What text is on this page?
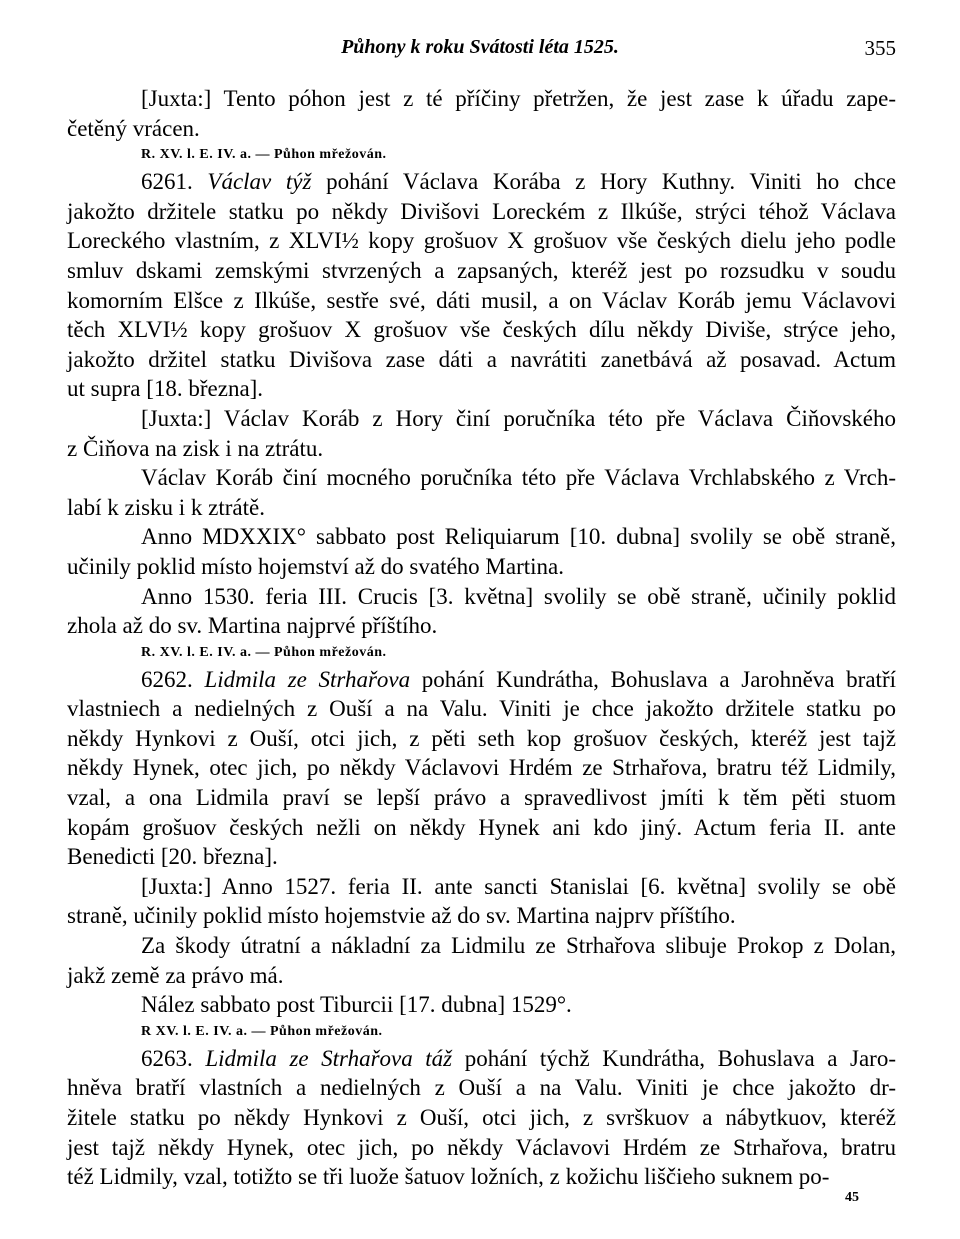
Půhony k roku Svátosti léta 1525.	355
[Juxta:] Tento póhon jest z té příčiny přetržen, že jest zase k úřadu zape-
četěný vrácen.
R. XV. l. E. IV. a. — Půhon mřežován.
6261. Václav týž pohání Václava Korába z Hory Kuthny. Viniti ho chce
jakožto držitele statku po někdy Divišovi Loreckém z Ilkúše, strýci téhož Václava
Loreckého vlastním, z XLVI½ kopy grošuov X grošuov vše českých dielu jeho podle
smluv dskami zemskými stvrzených a zapsaných, kteréž jest po rozsudku v soudu
komorním Elšce z Ilkúše, sestře své, dáti musil, a on Václav Koráb jemu Václavovi
těch XLVI½ kopy grošuov X grošuov vše českých dílu někdy Diviše, strýce jeho,
jakožto držitel statku Divišova zase dáti a navrátiti zanetbává až posavad. Actum
ut supra [18. března].
[Juxta:] Václav Koráb z Hory činí poručníka této pře Václava Čiňovského
z Čiňova na zisk i na ztrátu.
Václav Koráb činí mocného poručníka této pře Václava Vrchlabského z Vrch-
labí k zisku i k ztrátě.
Anno MDXXIX° sabbato post Reliquiarum [10. dubna] svolily se obě straně,
učinily poklid místo hojemství až do svatého Martina.
Anno 1530. feria III. Crucis [3. května] svolily se obě straně, učinily poklid
zhola až do sv. Martina najprvé příštího.
R. XV. l. E. IV. a. — Půhon mřežován.
6262. Lidmila ze Strhařova pohání Kundrátha, Bohuslava a Jarohněva bratří
vlastniech a nedielných z Ouší a na Valu. Viniti je chce jakožto držitele statku po
někdy Hynkovi z Ouší, otci jich, z pěti seth kop grošuov českých, kteréž jest tajž
někdy Hynek, otec jich, po někdy Václavovi Hrdém ze Strhařova, bratru též Lidmily,
vzal, a ona Lidmila praví se lepší právo a spravedlivost jmíti k těm pěti stuom
kopám grošuov českých nežli on někdy Hynek ani kdo jiný. Actum feria II. ante
Benedicti [20. března].
[Juxta:] Anno 1527. feria II. ante sancti Stanislai [6. května] svolily se obě
straně, učinily poklid místo hojemstvie až do sv. Martina najprv příštího.
Za škody útratní a nákladní za Lidmilu ze Strhařova slibuje Prokop z Dolan,
jakž země za právo má.
Nález sabbato post Tiburcii [17. dubna] 1529°.
R XV. l. E. IV. a. — Půhon mřežován.
6263. Lidmila ze Strhařova táž pohání týchž Kundrátha, Bohuslava a Jaro-
hněva bratří vlastních a nedielných z Ouší a na Valu. Viniti je chce jakožto dr-
žitele statku po někdy Hynkovi z Ouší, otci jich, z svrškuov a nábytkuov, kteréž
jest tajž někdy Hynek, otec jich, po někdy Václavovi Hrdém ze Strhařova, bratru
též Lidmily, vzal, totižto se tři luože šatuov ložních, z kožichu liščieho suknem po-
45
